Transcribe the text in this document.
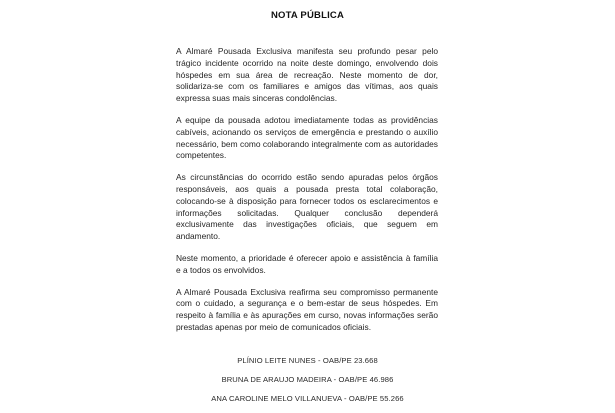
NOTA PÚBLICA

A Almaré Pousada Exclusiva manifesta seu profundo pesar pelo trágico incidente ocorrido na noite deste domingo, envolvendo dois hóspedes em sua área de recreação. Neste momento de dor, solidariza-se com os familiares e amigos das vítimas, aos quais expressa suas mais sinceras condolências.

A equipe da pousada adotou imediatamente todas as providências cabíveis, acionando os serviços de emergência e prestando o auxílio necessário, bem como colaborando integralmente com as autoridades competentes.

As circunstâncias do ocorrido estão sendo apuradas pelos órgãos responsáveis, aos quais a pousada presta total colaboração, colocando-se à disposição para fornecer todos os esclarecimentos e informações solicitadas. Qualquer conclusão dependerá exclusivamente das investigações oficiais, que seguem em andamento.

Neste momento, a prioridade é oferecer apoio e assistência à família e a todos os envolvidos.

A Almaré Pousada Exclusiva reafirma seu compromisso permanente com o cuidado, a segurança e o bem-estar de seus hóspedes. Em respeito à família e às apurações em curso, novas informações serão prestadas apenas por meio de comunicados oficiais.

PLÍNIO LEITE NUNES - OAB/PE 23.668
BRUNA DE ARAUJO MADEIRA - OAB/PE 46.986
ANA CAROLINE MELO VILLANUEVA - OAB/PE 55.266
